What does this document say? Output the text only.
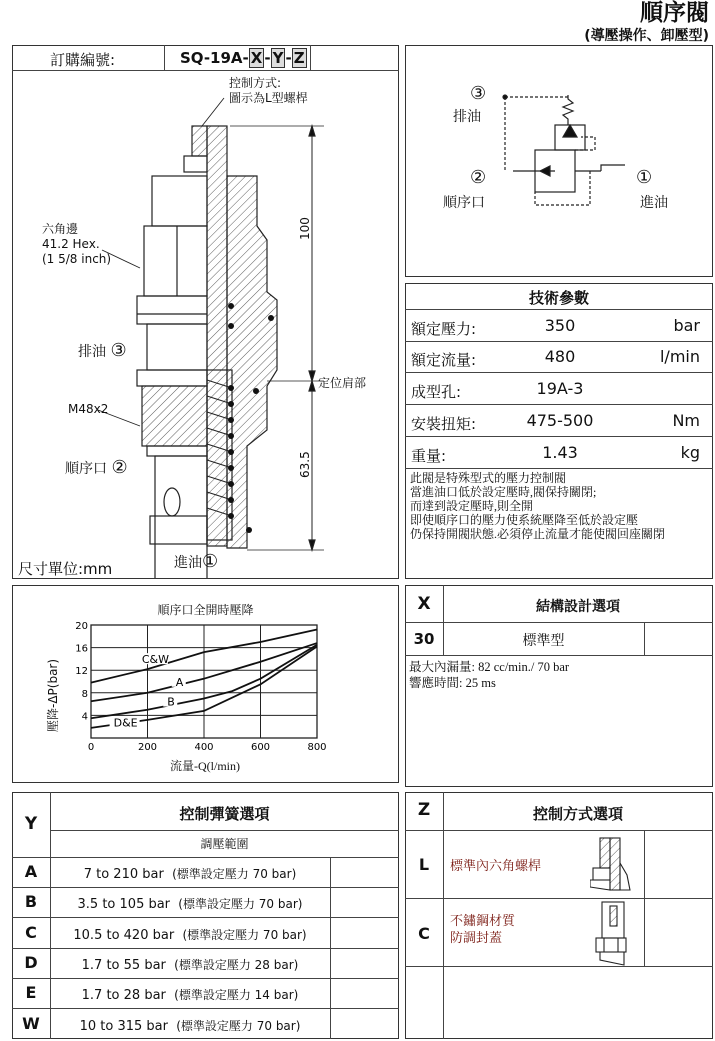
順序閥
(導壓操作、卸壓型)
訂購編號:	SQ-19A- X - Y - Z
控制方式:
圖示為L型螺桿
六角邊
41.2 Hex.
(1 5/8 inch)
排油 ③
M48x2
順序口 ②
進油①
100
63.5
定位肩部
尺寸單位:mm
③
排油
②
順序口
①
進油
技術參數
額定壓力:	350	bar
額定流量:	480	l/min
成型孔:	19A-3
安裝扭矩:	475-500	Nm
重量:	1.43	kg
此閥是特殊型式的壓力控制閥
當進油口低於設定壓時,閥保持關閉;
而達到設定壓時,則全開
即使順序口的壓力使系統壓降至低於設定壓
仍保持開閥狀態.必須停止流量才能使閥回座關閉
0	200	400	600	800
4
8
12
16
20
C&W
A
B
D&E
順序口全開時壓降
流量-Q(l/min)
壓降-ΔP(bar)
X	結構設計選項
30	標準型
最大內漏量: 82 cc/min./ 70 bar
響應時間: 25 ms
Y	控制彈簧選項
調壓範圍
A	7 to 210 bar (標準設定壓力 70 bar)
B	3.5 to 105 bar (標準設定壓力 70 bar)
C	10.5 to 420 bar (標準設定壓力 70 bar)
D	1.7 to 55 bar (標準設定壓力 28 bar)
E	1.7 to 28 bar (標準設定壓力 14 bar)
W	10 to 315 bar (標準設定壓力 70 bar)
Z	控制方式選項
L	標準內六角螺桿
C
不鏽鋼材質
防調封蓋
